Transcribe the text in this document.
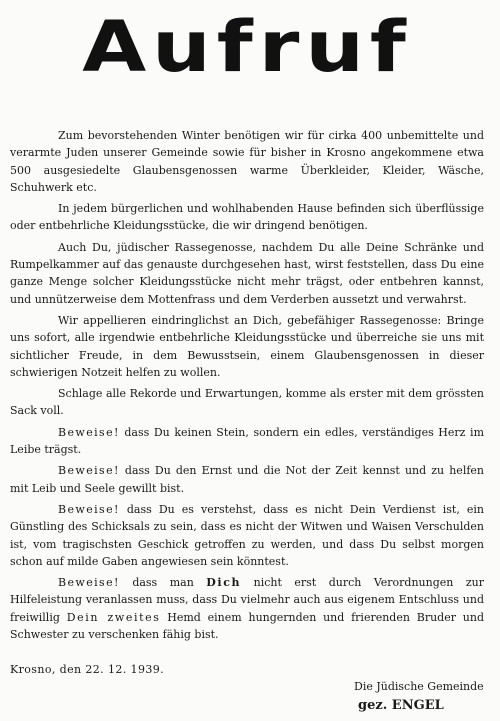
Aufruf

Zum bevorstehenden Winter benötigen wir für cirka 400 unbemittelte und verarmte Juden unserer Gemeinde sowie für bisher in Krosno angekommene etwa 500 ausgesiedelte Glaubensgenossen warme Überkleider, Kleider, Wäsche, Schuhwerk etc.

In jedem bürgerlichen und wohlhabenden Hause befinden sich überflüssige oder entbehrliche Kleidungsstücke, die wir dringend benötigen.

Auch Du, jüdischer Rassegenosse, nachdem Du alle Deine Schränke und Rumpelkammer auf das genauste durchgesehen hast, wirst feststellen, dass Du eine ganze Menge solcher Kleidungsstücke nicht mehr trägst, oder entbehren kannst, und unnützerweise dem Mottenfrass und dem Verderben aussetzt und verwahrst.

Wir appellieren eindringlichst an Dich, gebefähiger Rassegenosse: Bringe uns sofort, alle irgendwie entbehrliche Kleidungsstücke und überreiche sie uns mit sichtlicher Freude, in dem Bewusstsein, einem Glaubensgenossen in dieser schwierigen Notzeit helfen zu wollen.

Schlage alle Rekorde und Erwartungen, komme als erster mit dem grössten Sack voll.

Beweise! dass Du keinen Stein, sondern ein edles, verständiges Herz im Leibe trägst.

Beweise! dass Du den Ernst und die Not der Zeit kennst und zu helfen mit Leib und Seele gewillt bist.

Beweise! dass Du es verstehst, dass es nicht Dein Verdienst ist, ein Günstling des Schicksals zu sein, dass es nicht der Witwen und Waisen Verschulden ist, vom tragischsten Geschick getroffen zu werden, und dass Du selbst morgen schon auf milde Gaben angewiesen sein könntest.

Beweise! dass man Dich nicht erst durch Verordnungen zur Hilfeleistung veranlassen muss, dass Du vielmehr auch aus eigenem Entschluss und freiwillig Dein zweites Hemd einem hungernden und frierenden Bruder und Schwester zu verschenken fähig bist.

Krosno, den 22. 12. 1939.
Die Jüdische Gemeinde
gez. ENGEL
